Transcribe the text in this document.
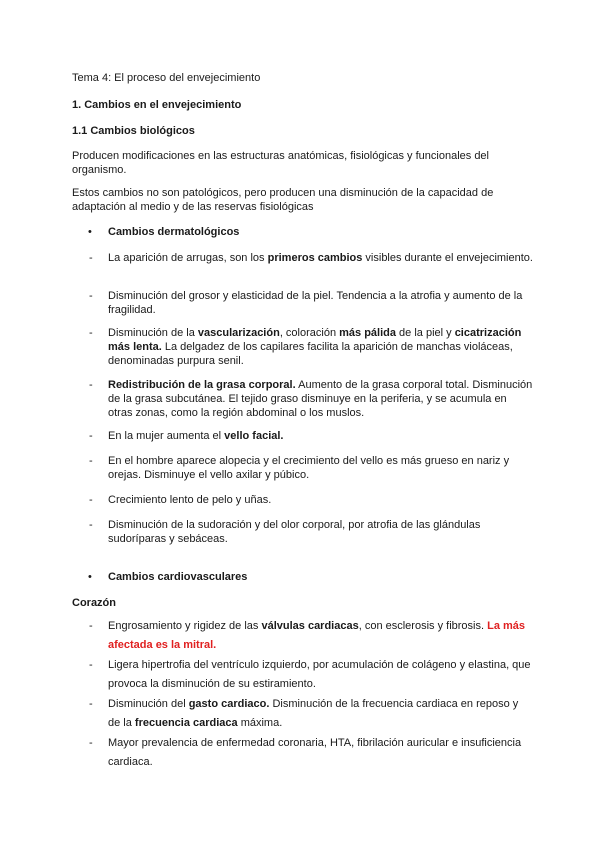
Tema 4: El proceso del envejecimiento

1. Cambios en el envejecimiento

1.1 Cambios biológicos

Producen modificaciones en las estructuras anatómicas, fisiológicas y funcionales del organismo.

Estos cambios no son patológicos, pero producen una disminución de la capacidad de adaptación al medio y de las reservas fisiológicas

• Cambios dermatológicos
- La aparición de arrugas, son los primeros cambios visibles durante el envejecimiento.

- Disminución del grosor y elasticidad de la piel. Tendencia a la atrofia y aumento de la fragilidad.

- Disminución de la vascularización, coloración más pálida de la piel y cicatrización más lenta. La delgadez de los capilares facilita la aparición de manchas violáceas, denominadas purpura senil.

- Redistribución de la grasa corporal. Aumento de la grasa corporal total. Disminución de la grasa subcutánea. El tejido graso disminuye en la periferia, y se acumula en otras zonas, como la región abdominal o los muslos.

- En la mujer aumenta el vello facial.

- En el hombre aparece alopecia y el crecimiento del vello es más grueso en nariz y orejas. Disminuye el vello axilar y púbico.

- Crecimiento lento de pelo y uñas.

- Disminución de la sudoración y del olor corporal, por atrofia de las glándulas sudoríparas y sebáceas.

• Cambios cardiovasculares

Corazón

- Engrosamiento y rigidez de las válvulas cardiacas, con esclerosis y fibrosis. La más afectada es la mitral.

- Ligera hipertrofia del ventrículo izquierdo, por acumulación de colágeno y elastina, que provoca la disminución de su estiramiento.

- Disminución del gasto cardiaco. Disminución de la frecuencia cardiaca en reposo y de la frecuencia cardiaca máxima.

- Mayor prevalencia de enfermedad coronaria, HTA, fibrilación auricular e insuficiencia cardiaca.
